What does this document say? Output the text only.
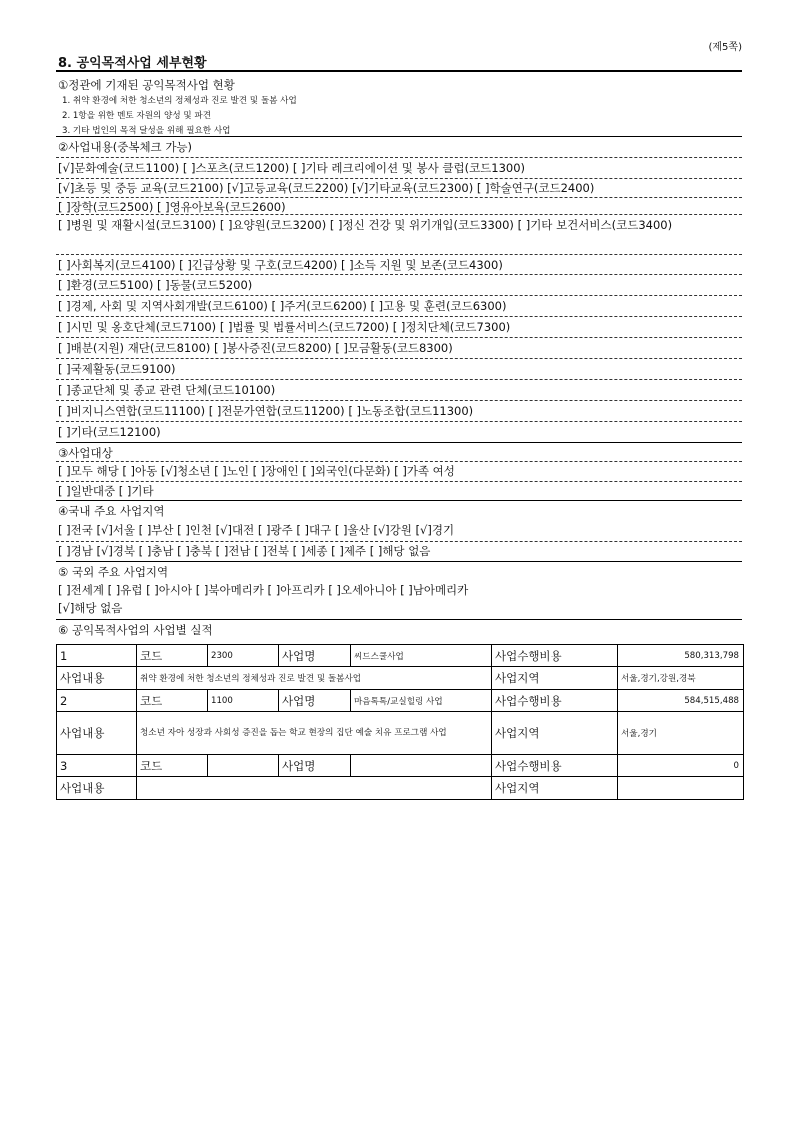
(제5쪽)
8. 공익목적사업 세부현황
①정관에 기재된 공익목적사업 현황
1. 취약 환경에 처한 청소년의 정체성과 진로 발견 및 돌봄 사업
2. 1항을 위한 멘토 자원의 양성 및 파견
3. 기타 법인의 목적 달성을 위해 필요한 사업
②사업내용(중복체크 가능)
[√]문화예술(코드1100) [ ]스포츠(코드1200) [ ]기타 레크리에이션 및 봉사 클럽(코드1300)
[√]초등 및 중등 교육(코드2100) [√]고등교육(코드2200) [√]기타교육(코드2300) [ ]학술연구(코드2400)
[ ]장학(코드2500) [ ]영유아보육(코드2600)
[ ]병원 및 재활시설(코드3100) [ ]요양원(코드3200) [ ]정신 건강 및 위기개입(코드3300) [ ]기타 보건서비스(코드3400)
[ ]사회복지(코드4100) [ ]긴급상황 및 구호(코드4200) [ ]소득 지원 및 보존(코드4300)
[ ]환경(코드5100) [ ]동물(코드5200)
[ ]경제, 사회 및 지역사회개발(코드6100) [ ]주거(코드6200) [ ]고용 및 훈련(코드6300)
[ ]시민 및 옹호단체(코드7100) [ ]법률 및 법률서비스(코드7200) [ ]정치단체(코드7300)
[ ]배분(지원) 재단(코드8100) [ ]봉사증진(코드8200) [ ]모금활동(코드8300)
[ ]국제활동(코드9100)
[ ]종교단체 및 종교 관련 단체(코드10100)
[ ]비지니스연합(코드11100) [ ]전문가연합(코드11200) [ ]노동조합(코드11300)
[ ]기타(코드12100)
③사업대상
[ ]모두 해당 [ ]아동 [√]청소년 [ ]노인 [ ]장애인 [ ]외국인(다문화) [ ]가족 여성
[ ]일반대중 [ ]기타
④국내 주요 사업지역
[ ]전국 [√]서울 [ ]부산 [ ]인천 [√]대전 [ ]광주 [ ]대구 [ ]울산 [√]강원 [√]경기
[ ]경남 [√]경북 [ ]충남 [ ]충북 [ ]전남 [ ]전북 [ ]세종 [ ]제주 [ ]해당 없음
⑤ 국외 주요 사업지역
[ ]전세계 [ ]유럽 [ ]아시아 [ ]북아메리카 [ ]아프리카 [ ]오세아니아 [ ]남아메리카
[√]해당 없음
⑥ 공익목적사업의 사업별 실적
1	코드	2300	사업명	씨드스쿨사업	사업수행비용	580,313,798
사업내용	취약 환경에 처한 청소년의 정체성과 진로 발견 및 돌봄사업				사업지역	서울,경기,강원,경북
2	코드	1100	사업명	마음톡톡/교실힐링 사업	사업수행비용	584,515,488
사업내용	청소년 자아 성장과 사회성 증진을 돕는 학교 현장의 집단 예술 치유 프로그램 사업				사업지역	서울,경기
3	코드		사업명		사업수행비용	0
사업내용					사업지역	
